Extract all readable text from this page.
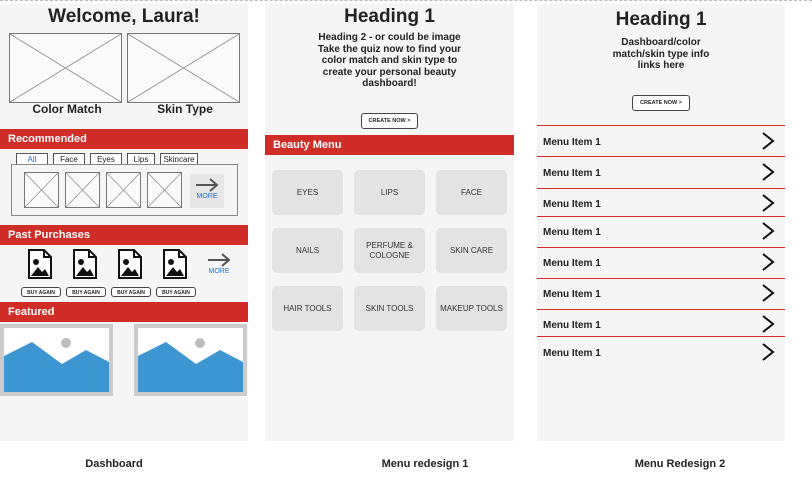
Welcome, Laura!
Color Match	Skin Type
Recommended
All	Face	Eyes	Lips	Skincare
MORE
Past Purchases
BUY AGAIN	BUY AGAIN	BUY AGAIN	BUY AGAIN
MORE
Featured
Heading 1
Heading 2 - or could be image
Take the quiz now to find your
color match and skin type to
create your personal beauty
dashboard!
CREATE NOW >
Beauty Menu
EYES	LIPS	FACE
NAILS
PERFUME & COLOGNE
SKIN CARE
HAIR TOOLS	SKIN TOOLS	MAKEUP TOOLS
Heading 1
Dashboard/color
match/skin type info
links here
CREATE NOW >
Menu Item 1
Menu Item 1
Menu Item 1
Menu Item 1
Menu Item 1
Menu Item 1
Menu Item 1
Menu Item 1
Dashboard	Menu redesign 1	Menu Redesign 2
